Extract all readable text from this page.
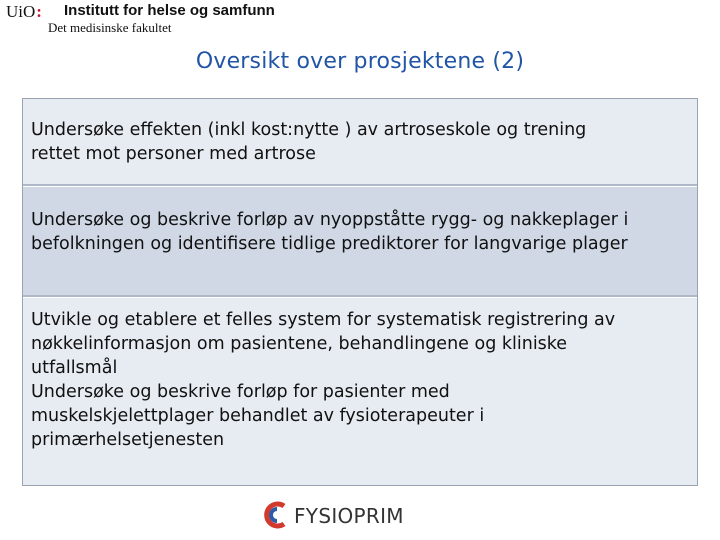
UiO: Institutt for helse og samfunn
Det medisinske fakultet
Oversikt over prosjektene (2)
Undersøke effekten (inkl kost:nytte ) av artroseskole og trening
rettet mot personer med artrose
Undersøke og beskrive forløp av nyoppståtte rygg- og nakkeplager i
befolkningen og identifisere tidlige prediktorer for langvarige plager
Utvikle og etablere et felles system for systematisk registrering av
nøkkelinformasjon om pasientene, behandlingene og kliniske
utfallsmål
Undersøke og beskrive forløp for pasienter med
muskelskjelettplager behandlet av fysioterapeuter i
primærhelsetjenesten
FYSIOPRIM
